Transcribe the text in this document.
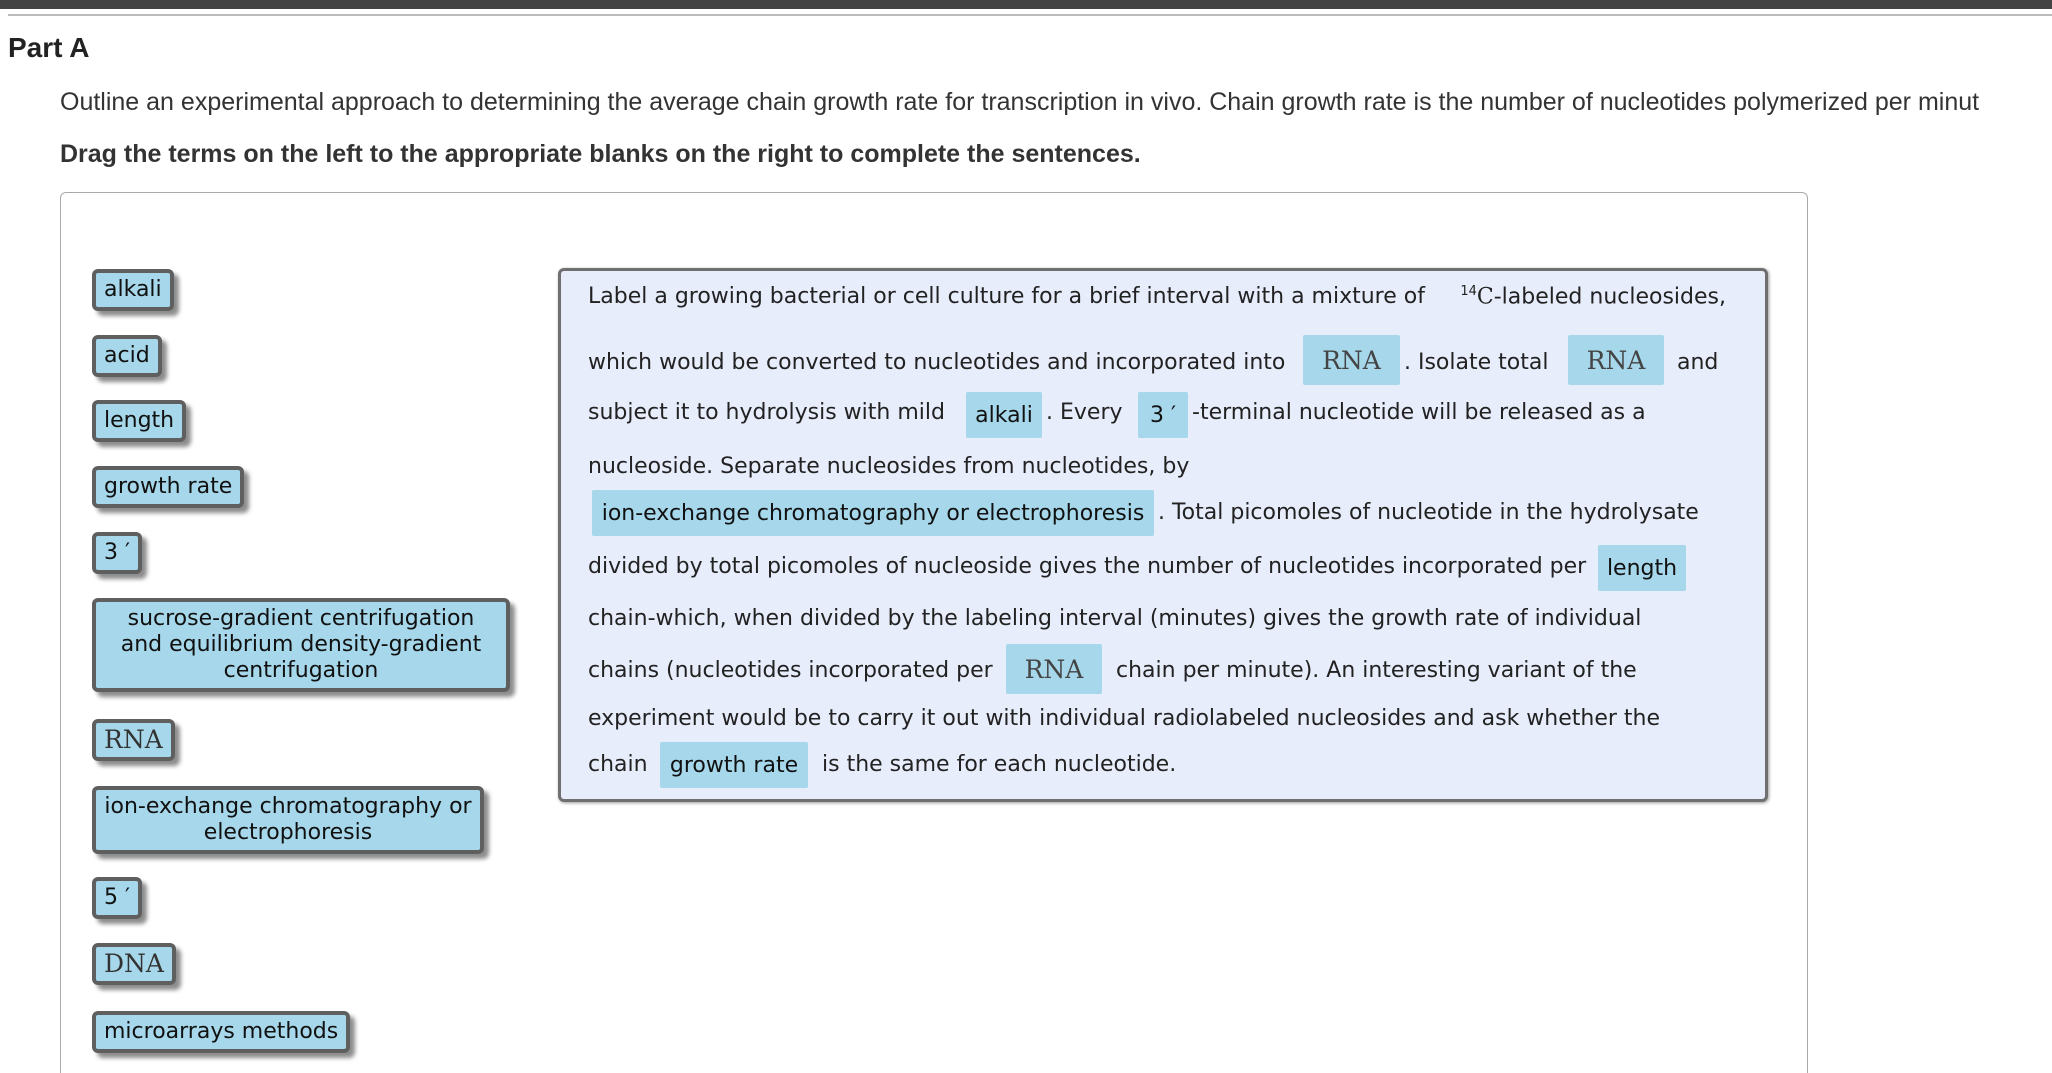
Part A
Outline an experimental approach to determining the average chain growth rate for transcription in vivo. Chain growth rate is the number of nucleotides polymerized per minut
Drag the terms on the left to the appropriate blanks on the right to complete the sentences.
alkali
acid
length
growth rate
3 ′
sucrose-gradient centrifugation and equilibrium density-gradient centrifugation
RNA
ion-exchange chromatography or electrophoresis
5 ′
DNA
microarrays methods
Label a growing bacterial or cell culture for a brief interval with a mixture of	$^{14}$C-labeled nucleosides,
which would be converted to nucleotides and incorporated into	RNA	. Isolate total	RNA	and
subject it to hydrolysis with mild	alkali . Every	3 ′ -terminal nucleotide will be released as a
nucleoside. Separate nucleosides from nucleotides, by
ion-exchange chromatography or electrophoresis . Total picomoles of nucleotide in the hydrolysate
divided by total picomoles of nucleoside gives the number of nucleotides incorporated per length
chain-which, when divided by the labeling interval (minutes) gives the growth rate of individual
chains (nucleotides incorporated per	RNA	chain per minute). An interesting variant of the
experiment would be to carry it out with individual radiolabeled nucleosides and ask whether the
chain	growth rate	is the same for each nucleotide.
